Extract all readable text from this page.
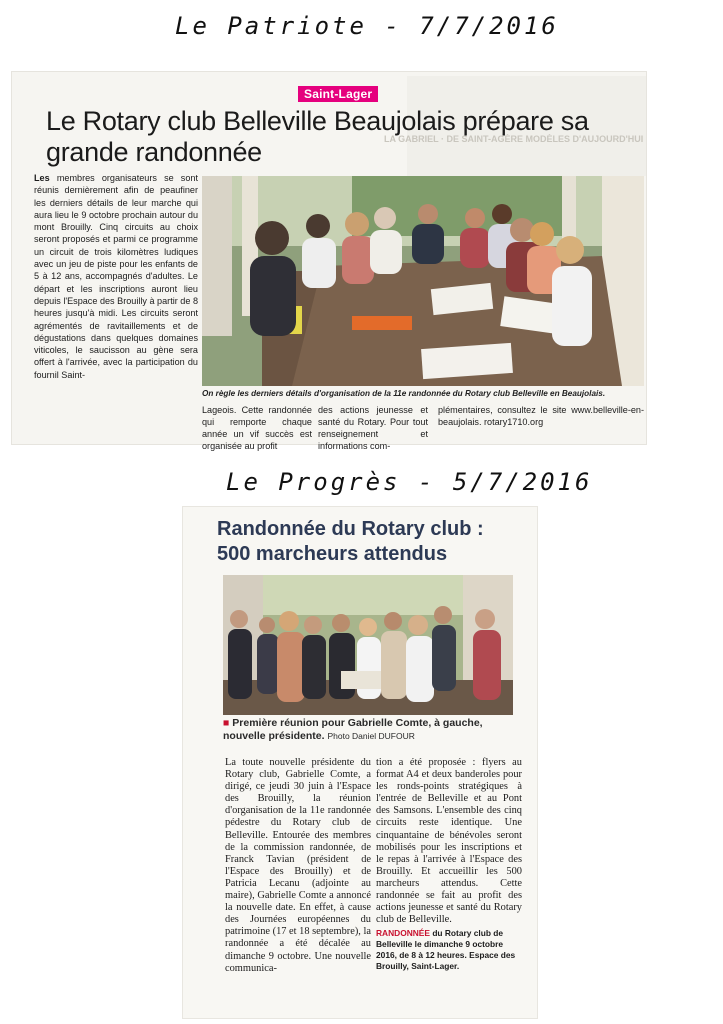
Le Patriote - 7/7/2016
Le Progrès - 5/7/2016
LA GABRIEL · DE SAINT-AGÈRE MODÈLES D'AUJOURD'HUI
Saint-Lager
Le Rotary club Belleville Beaujolais prépare sa grande randonnée
Les membres organisateurs se sont réunis dernièrement afin de peaufiner les derniers détails de leur marche qui aura lieu le 9 octobre prochain autour du mont Brouilly. Cinq circuits au choix seront proposés et parmi ce programme un circuit de trois kilomètres ludiques avec un jeu de piste pour les enfants de 5 à 12 ans, accompagnés d'adultes. Le départ et les inscriptions auront lieu depuis l'Espace des Brouilly à partir de 8 heures jusqu'à midi. Les circuits seront agrémentés de ravitaillements et de dégustations dans quelques domaines viticoles, le saucisson au gène sera offert à l'arrivée, avec la participation du fournil Saint-
On règle les derniers détails d'organisation de la 11e randonnée du Rotary club Belleville en Beaujolais.
Lageois. Cette randonnée qui remporte chaque année un vif succès est organisée au profit
des actions jeunesse et santé du Rotary. Pour tout renseignement et informations com-
plémentaires, consultez le site www.belleville-en-beaujolais. rotary1710.org
Randonnée du Rotary club :
500 marcheurs attendus
■ Première réunion pour Gabrielle Comte, à gauche, nouvelle présidente. Photo Daniel DUFOUR
La toute nouvelle présidente du Rotary club, Gabrielle Comte, a dirigé, ce jeudi 30 juin à l'Espace des Brouilly, la réunion d'organisation de la 11e randonnée pédestre du Rotary club de Belleville. Entourée des membres de la commission randonnée, de Franck Tavian (président de l'Espace des Brouilly) et de Patricia Lecanu (adjointe au maire), Gabrielle Comte a annoncé la nouvelle date. En effet, à cause des Journées européennes du patrimoine (17 et 18 septembre), la randonnée a été décalée au dimanche 9 octobre. Une nouvelle communica-
tion a été proposée : flyers au format A4 et deux banderoles pour les ronds-points stratégiques à l'entrée de Belleville et au Pont des Samsons. L'ensemble des cinq circuits reste identique. Une cinquantaine de bénévoles seront mobilisés pour les inscriptions et le repas à l'arrivée à l'Espace des Brouilly. Et accueillir les 500 marcheurs attendus. Cette randonnée se fait au profit des actions jeunesse et santé du Rotary club de Belleville.
RANDONNÉE du Rotary club de Belleville le dimanche 9 octobre 2016, de 8 à 12 heures. Espace des Brouilly, Saint-Lager.
